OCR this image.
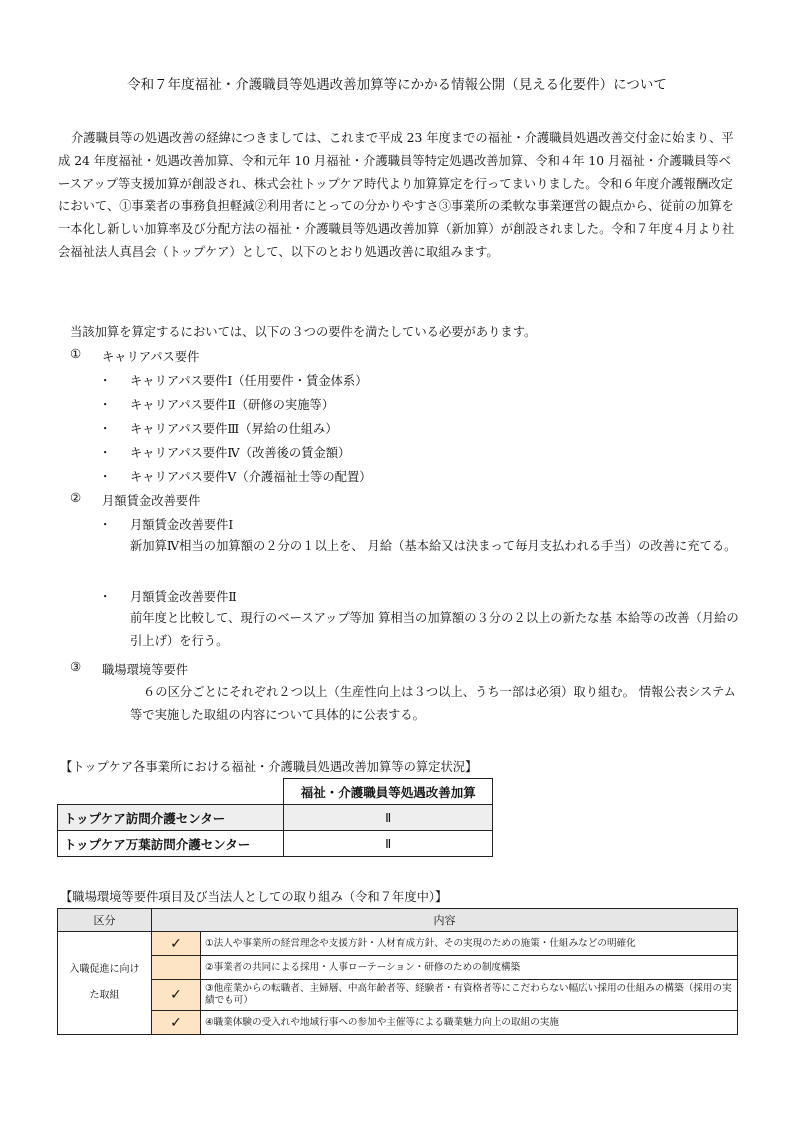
令和７年度福祉・介護職員等処遇改善加算等にかかる情報公開（見える化要件）について

介護職員等の処遇改善の経緯につきましては、これまで平成 23 年度までの福祉・介護職員処遇改善交付金に始まり、平成 24 年度福祉・処遇改善加算、令和元年 10 月福祉・介護職員等特定処遇改善加算、令和４年 10 月福祉・介護職員等ベースアップ等支援加算が創設され、株式会社トップケア時代より加算算定を行ってまいりました。令和６年度介護報酬改定において、①事業者の事務負担軽減②利用者にとっての分かりやすさ③事業所の柔軟な事業運営の観点から、従前の加算を一本化し新しい加算率及び分配方法の福祉・介護職員等処遇改善加算（新加算）が創設されました。令和７年度４月より社会福祉法人真昌会（トップケア）として、以下のとおり処遇改善に取組みます。

当該加算を算定するにおいては、以下の３つの要件を満たしている必要があります。
① キャリアパス要件
・ キャリアパス要件Ⅰ（任用要件・賃金体系）
・ キャリアパス要件Ⅱ（研修の実施等）
・ キャリアパス要件Ⅲ（昇給の仕組み）
・ キャリアパス要件Ⅳ（改善後の賃金額）
・ キャリアパス要件Ⅴ（介護福祉士等の配置）
② 月額賃金改善要件
・ 月額賃金改善要件Ⅰ

新加算Ⅳ相当の加算額の２分の１以上を、 月給（基本給又は決まって毎月支払われる手当）の改善に充てる。

・ 月額賃金改善要件Ⅱ

前年度と比較して、現行のベースアップ等加 算相当の加算額の３分の２以上の新たな基 本給等の改善（月給の引上げ）を行う。

③ 職場環境等要件

６の区分ごとにそれぞれ２つ以上（生産性向上は３つ以上、うち一部は必須）取り組む。 情報公表システム等で実施した取組の内容について具体的に公表する。

【トップケア各事業所における福祉・介護職員処遇改善加算等の算定状況】
	福祉・介護職員等処遇改善加算
トップケア訪問介護センター	Ⅱ
トップケア万葉訪問介護センター	Ⅱ
【職場環境等要件項目及び当法人としての取り組み（令和７年度中）】
区分	内容	
入職促進に向け
た取組	✓	①法人や事業所の経営理念や支援方針・人材育成方針、その実現のための施策・仕組みなどの明確化
		②事業者の共同による採用・人事ローテーション・研修のための制度構築
	✓	③他産業からの転職者、主婦層、中高年齢者等、経験者・有資格者等にこだわらない幅広い採用の仕組みの構築（採用の実績でも可）
	✓	④職業体験の受入れや地域行事への参加や主催等による職業魅力向上の取組の実施
